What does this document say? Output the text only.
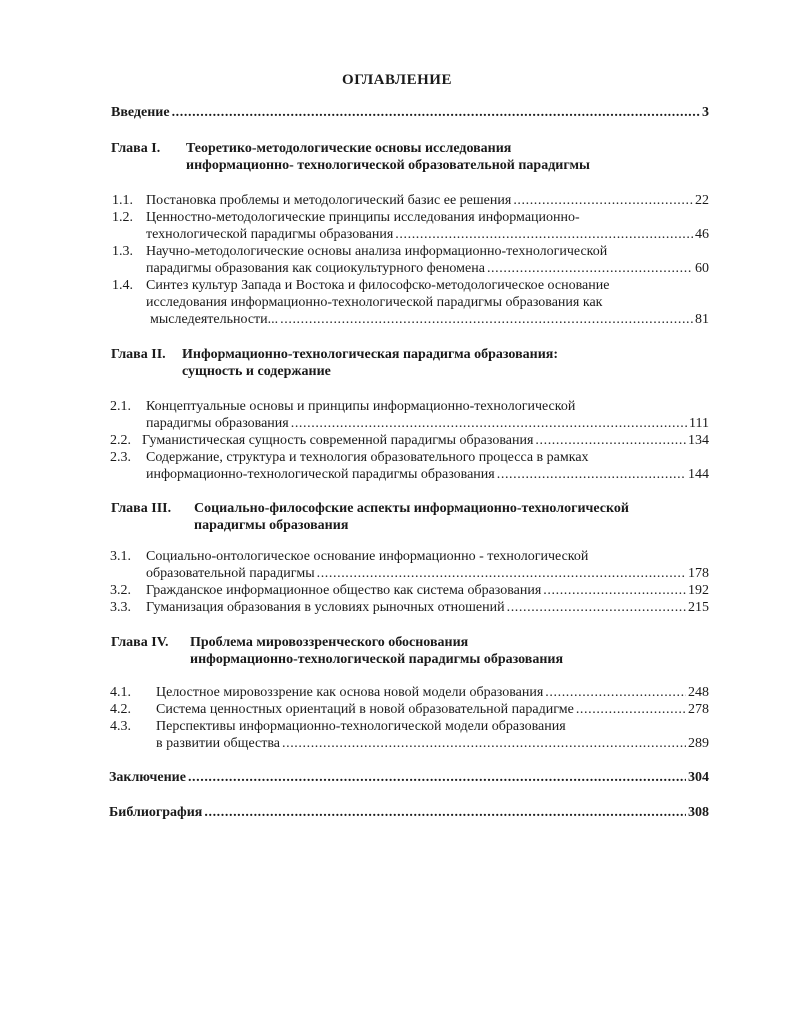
ОГЛАВЛЕНИЕ
Введение .....	3
Глава I. Теоретико-методологические основы исследования
информационно- технологической образовательной парадигмы
1.1. Постановка проблемы и методологический базис ее решения .....	22
1.2. Ценностно-методологические принципы исследования информационно-
технологической парадигмы образования .....	46
1.3. Научно-методологические основы анализа информационно-технологической
парадигмы образования как социокультурного феномена .....	60
1.4. Синтез культур Запада и Востока и философско-методологическое основание
исследования информационно-технологической парадигмы образования как
мыследеятельности... .....	81
Глава II. Информационно-технологическая парадигма образования:
сущность и содержание
2.1. Концептуальные основы и принципы информационно-технологической
парадигмы образования .....	111
2.2. Гуманистическая сущность современной парадигмы образования .....	134
2.3. Содержание, структура и технология образовательного процесса в рамках
информационно-технологической парадигмы образования .....	144
Глава III. Социально-философские аспекты информационно-технологической
парадигмы образования
3.1. Социально-онтологическое основание информационно - технологической
образовательной парадигмы .....	178
3.2. Гражданское информационное общество как система образования .....	192
3.3. Гуманизация образования в условиях рыночных отношений .....	215
Глава IV. Проблема мировоззренческого обоснования
информационно-технологической парадигмы образования
4.1. Целостное мировоззрение как основа новой модели образования .....	248
4.2. Система ценностных ориентаций в новой образовательной парадигме .....	278
4.3. Перспективы информационно-технологической модели образования
в развитии общества .....	289
Заключение .....	304
Библиография .....	308
